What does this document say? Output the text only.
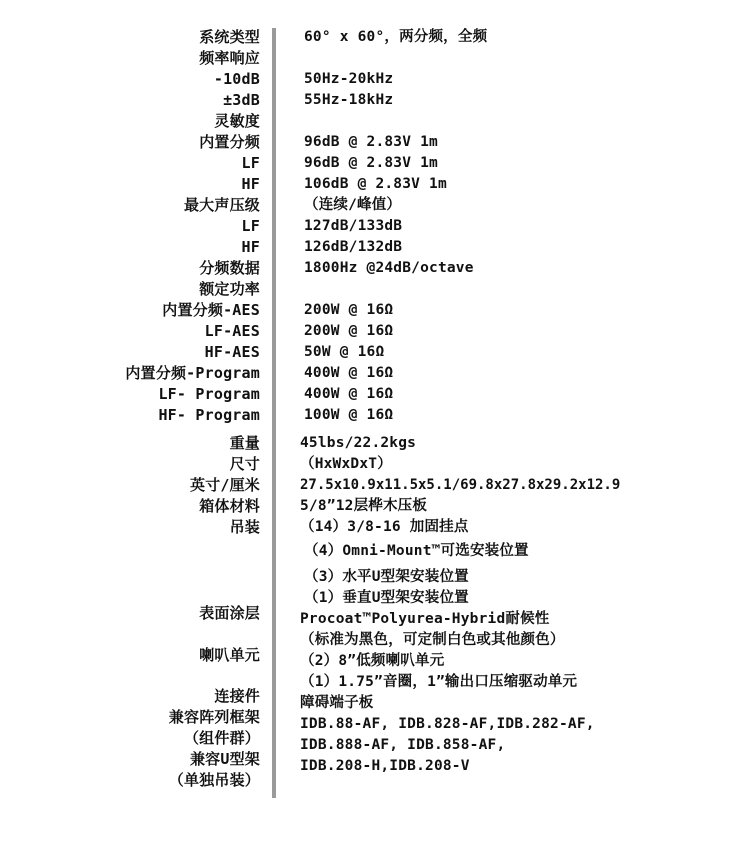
系统类型
频率响应
-10dB
±3dB
灵敏度
内置分频
LF
HF
最大声压级
LF
HF
分频数据
额定功率
内置分频-AES
LF-AES
HF-AES
内置分频-Program
LF- Program
HF- Program
重量
尺寸
英寸/厘米
箱体材料
吊装
表面涂层
喇叭单元
连接件
兼容阵列框架
（组件群）
兼容U型架
（单独吊装）
60° x 60°，两分频，全频
50Hz-20kHz
55Hz-18kHz
96dB @ 2.83V 1m
96dB @ 2.83V 1m
106dB @ 2.83V 1m
（连续/峰值）
127dB/133dB
126dB/132dB
1800Hz @24dB/octave
200W @ 16Ω
200W @ 16Ω
50W @ 16Ω
400W @ 16Ω
400W @ 16Ω
100W @ 16Ω
45lbs/22.2kgs
（HxWxDxT）
27.5x10.9x11.5x5.1/69.8x27.8x29.2x12.9
5/8”12层桦木压板
（14）3/8-16 加固挂点
（4）Omni-Mount™可选安装位置
（3）水平U型架安装位置
（1）垂直U型架安装位置
Procoat™Polyurea-Hybrid耐候性
（标准为黑色，可定制白色或其他颜色）
（2）8”低频喇叭单元
（1）1.75”音圈，1”输出口压缩驱动单元
障碍端子板
IDB.88-AF, IDB.828-AF,IDB.282-AF,
IDB.888-AF, IDB.858-AF,
IDB.208-H,IDB.208-V
